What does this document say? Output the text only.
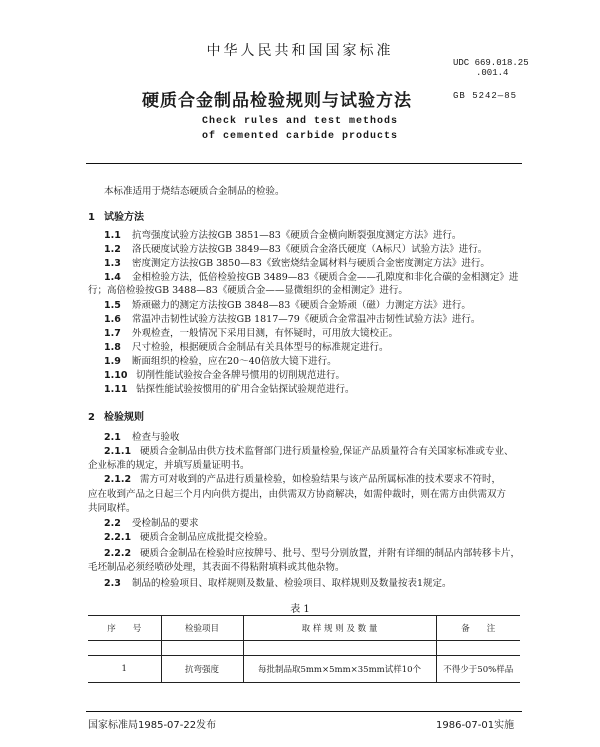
中华人民共和国国家标准
UDC 669.018.25
.001.4
硬质合金制品检验规则与试验方法	GB 5242—85
Check rules and test methods
of cemented carbide products
本标准适用于烧结态硬质合金制品的检验。
1 试验方法
1.1 抗弯强度试验方法按GB 3851—83《硬质合金横向断裂强度测定方法》进行。
1.2 洛氏硬度试验方法按GB 3849—83《硬质合金洛氏硬度（A标尺）试验方法》进行。
1.3 密度测定方法按GB 3850—83《致密烧结金属材料与硬质合金密度测定方法》进行。
1.4 金相检验方法，低倍检验按GB 3489—83《硬质合金——孔隙度和非化合碳的金相测定》进
行；高倍检验按GB 3488—83《硬质合金——显微组织的金相测定》进行。
1.5 矫顽磁力的测定方法按GB 3848—83《硬质合金矫顽（磁）力测定方法》进行。
1.6 常温冲击韧性试验方法按GB 1817—79《硬质合金常温冲击韧性试验方法》进行。
1.7 外观检查，一般情况下采用目测，有怀疑时，可用放大镜校正。
1.8 尺寸检验，根据硬质合金制品有关具体型号的标准规定进行。
1.9 断面组织的检验，应在20～40倍放大镜下进行。
1.10 切削性能试验按合金各牌号惯用的切削规范进行。
1.11 钻探性能试验按惯用的矿用合金钻探试验规范进行。
2 检验规则
2.1 检查与验收
2.1.1 硬质合金制品由供方技术监督部门进行质量检验,保证产品质量符合有关国家标准或专业、
企业标准的规定，并填写质量证明书。
2.1.2 需方可对收到的产品进行质量检验，如检验结果与该产品所属标准的技术要求不符时，
应在收到产品之日起三个月内向供方提出，由供需双方协商解决，如需仲裁时，则在需方由供需双方
共同取样。
2.2 受检制品的要求
2.2.1 硬质合金制品应成批提交检验。
2.2.2 硬质合金制品在检验时应按牌号、批号、型号分别放置，并附有详细的制品内部转移卡片，
毛坯制品必须经喷砂处理，其表面不得粘附填料或其他杂物。
2.3 制品的检验项目、取样规则及数量、检验项目、取样规则及数量按表1规定。
表 1
序　　号	检验项目	取 样 规 则 及 数 量	备　　注

1	抗弯强度	每批制品取5mm×5mm×35mm试样10个	不得少于50%样品
国家标准局1985-07-22发布	1986-07-01实施
